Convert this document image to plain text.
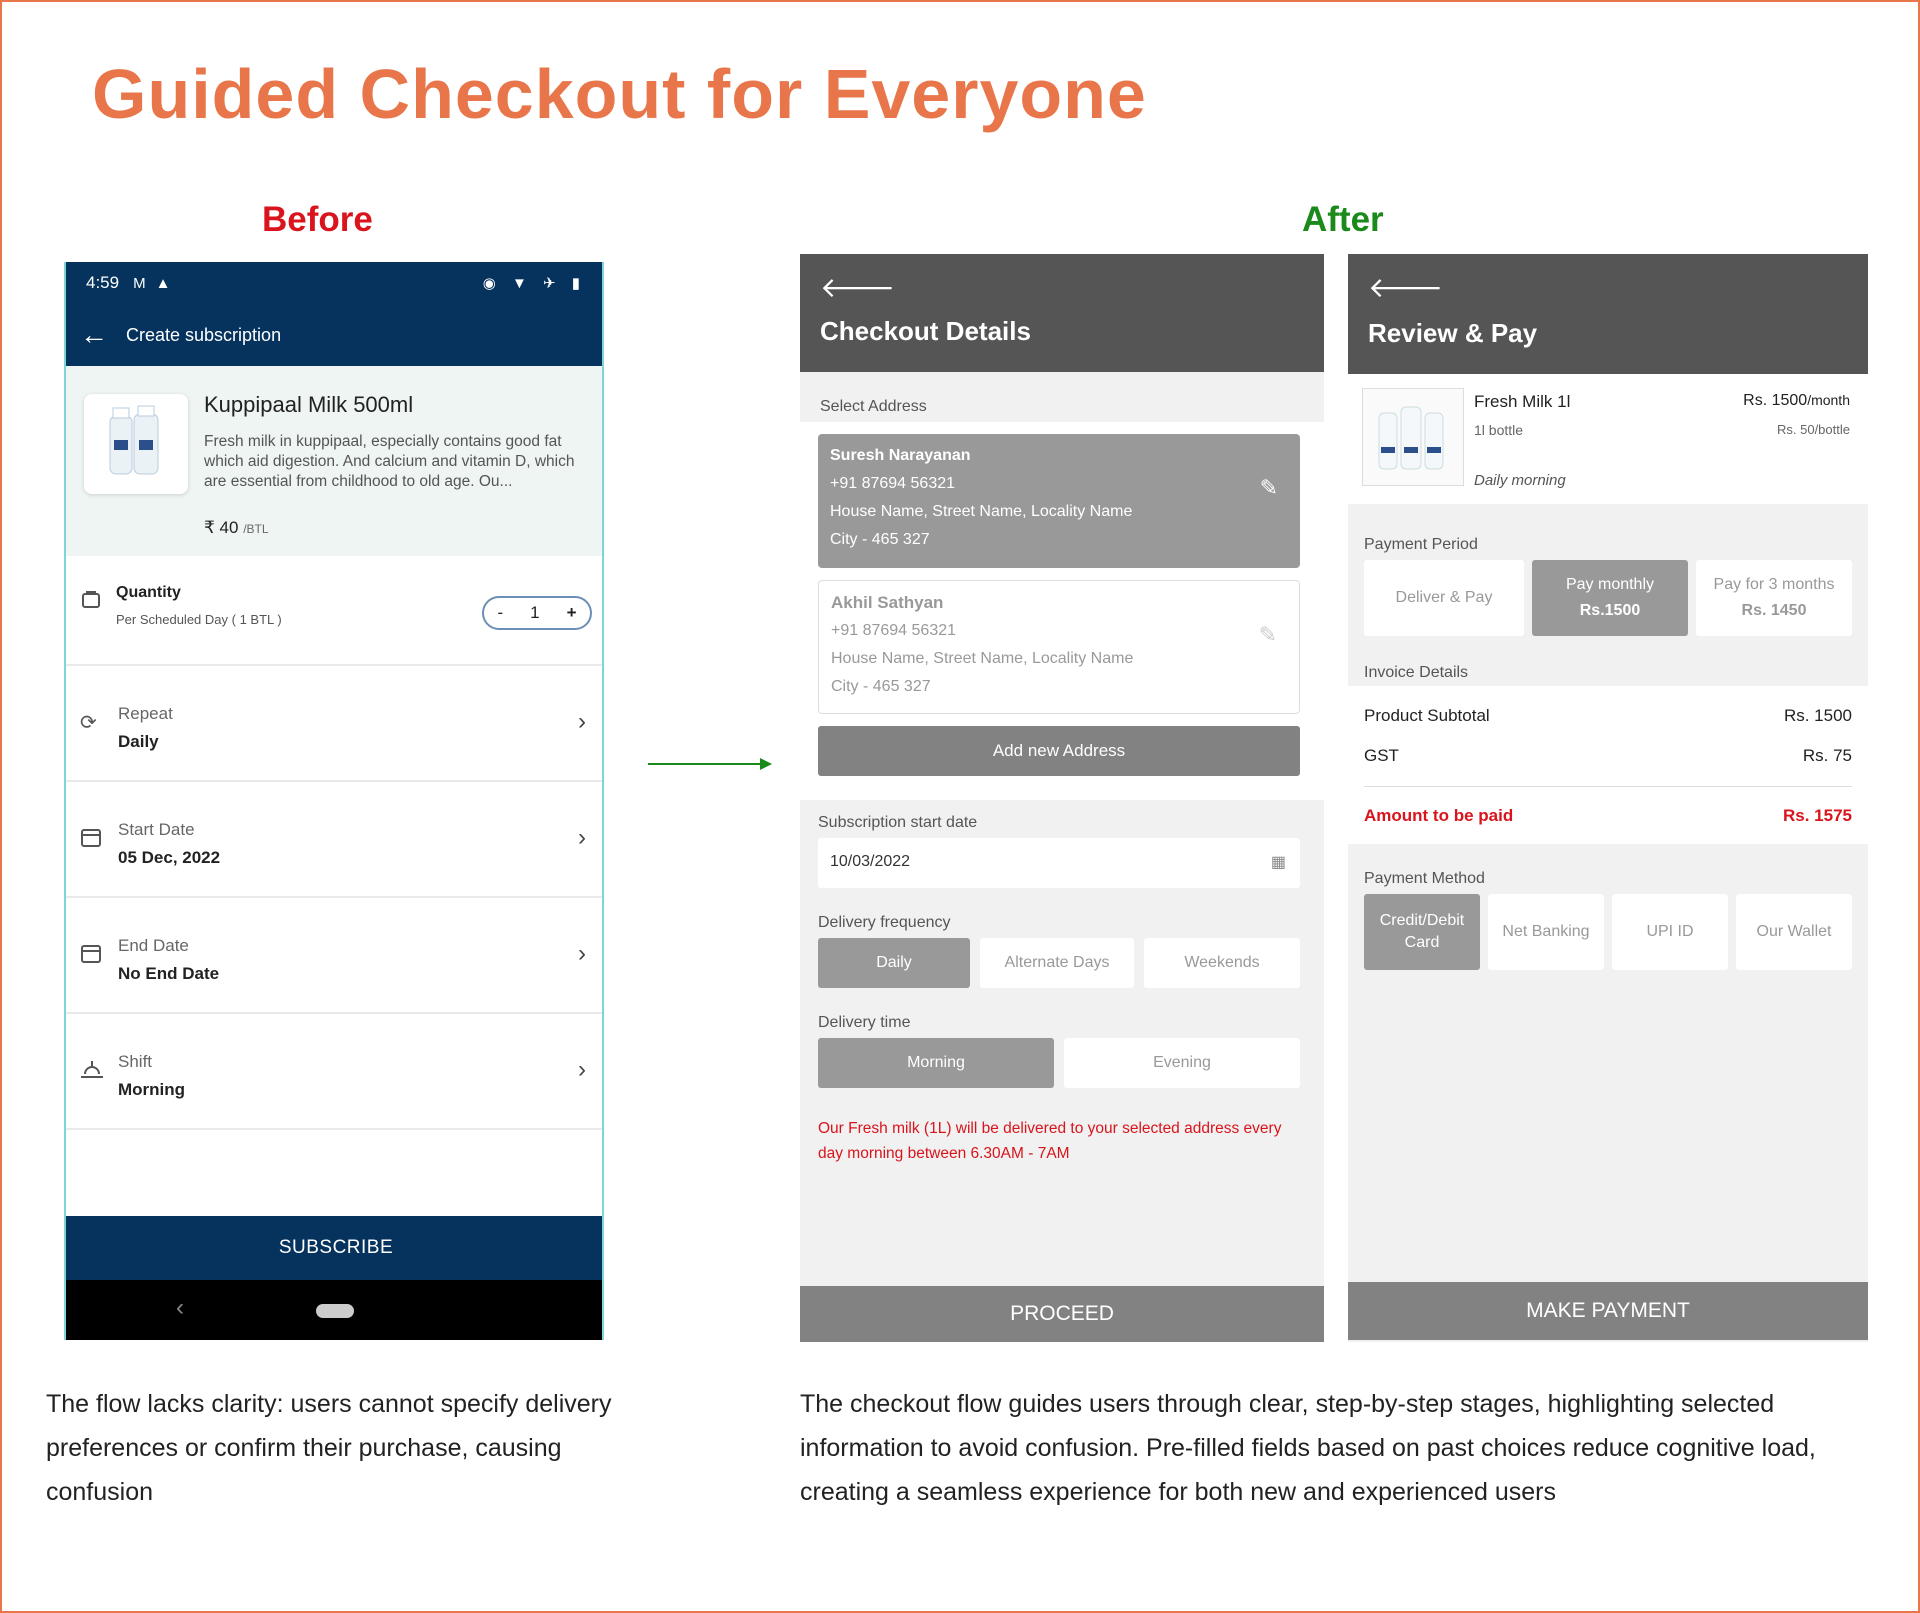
Guided Checkout for Everyone
Before	After
4:59 M ▲	◉ ▼ ✈ ▮
← Create subscription
Kuppipaal Milk 500ml
Fresh milk in kuppipaal, especially contains good fat which aid digestion. And calcium and vitamin D, which are essential from childhood to old age. Ou...
₹ 40 /BTL
Quantity
Per Scheduled Day ( 1 BTL )	- 1 +
⟳	Repeat
Daily
›
Start Date
05 Dec, 2022
›
End Date
No End Date
›
Shift
Morning
›
SUBSCRIBE
‹
🡐
Checkout Details
Select Address
Suresh Narayanan
+91 87694 56321
House Name, Street Name, Locality Name
City - 465 327
✎
Akhil Sathyan
+91 87694 56321
House Name, Street Name, Locality Name
City - 465 327
✎
Add new Address
Subscription start date
10/03/2022	▦
Delivery frequency
Daily	Alternate Days	Weekends
Delivery time
Morning	Evening
Our Fresh milk (1L) will be delivered to your selected address every day morning between 6.30AM - 7AM
PROCEED
🡐
Review & Pay
Fresh Milk 1l
1l bottle
Daily morning
Rs. 1500/month
Rs. 50/bottle
Payment Period
Deliver & Pay
Pay monthly
Rs.1500
Pay for 3 months
Rs. 1450
Invoice Details
Product Subtotal	Rs. 1500
GST	Rs. 75
Amount to be paid	Rs. 1575
Payment Method
Credit/Debit Card
Net Banking	UPI ID	Our Wallet
MAKE PAYMENT
The flow lacks clarity: users cannot specify delivery preferences or confirm their purchase, causing confusion
The checkout flow guides users through clear, step-by-step stages, highlighting selected information to avoid confusion. Pre-filled fields based on past choices reduce cognitive load, creating a seamless experience for both new and experienced users
